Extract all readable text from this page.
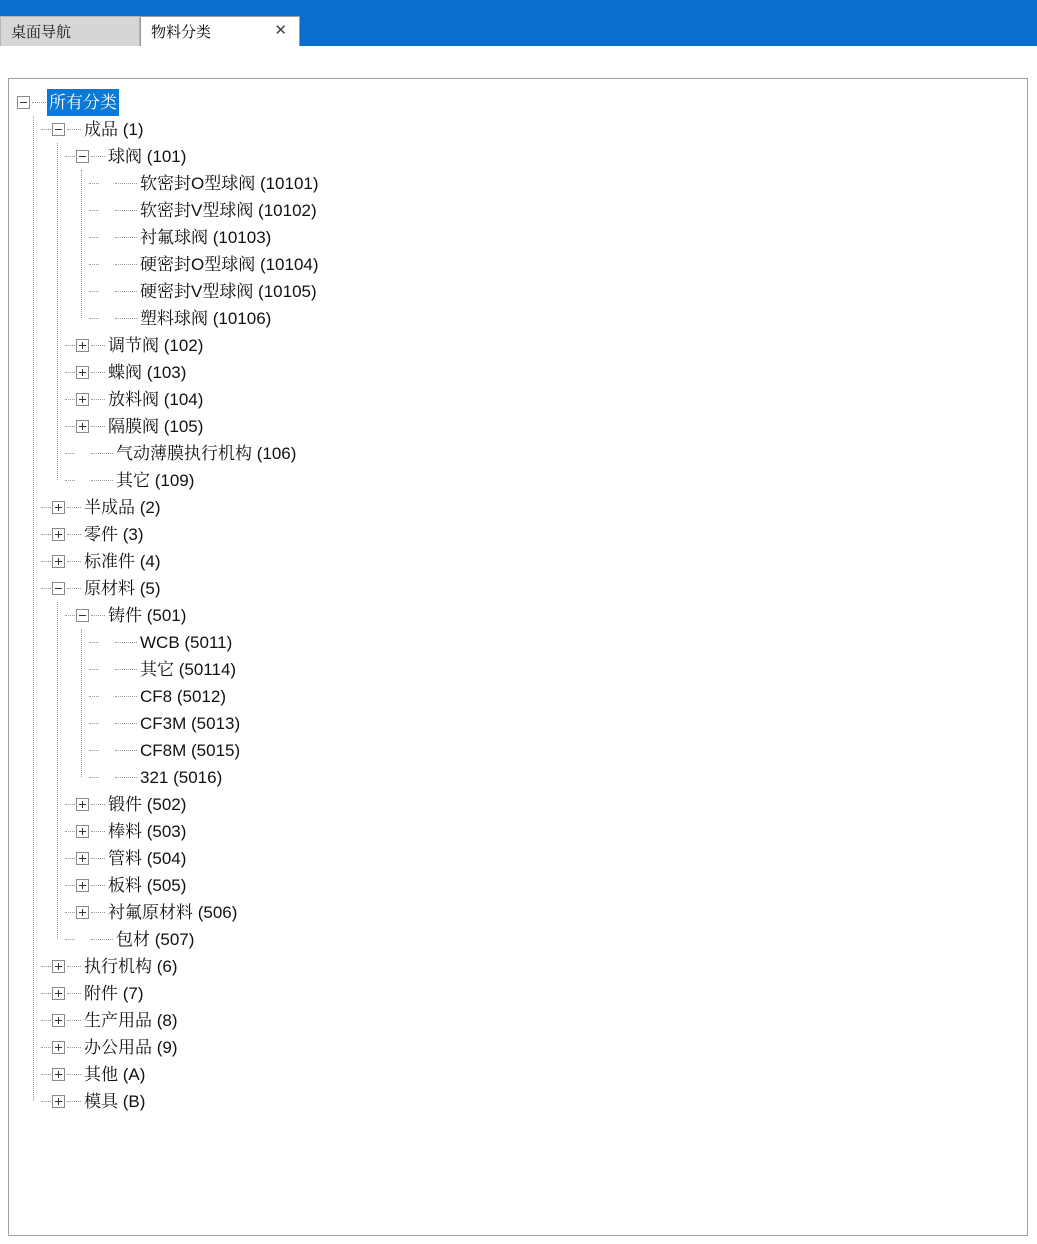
桌面导航	物料分类	✕
所有分类
成品 (1)
球阀 (101)
软密封O型球阀 (10101)
软密封V型球阀 (10102)
衬氟球阀 (10103)
硬密封O型球阀 (10104)
硬密封V型球阀 (10105)
塑料球阀 (10106)
调节阀 (102)
蝶阀 (103)
放料阀 (104)
隔膜阀 (105)
气动薄膜执行机构 (106)
其它 (109)
半成品 (2)
零件 (3)
标准件 (4)
原材料 (5)
铸件 (501)
WCB (5011)
其它 (50114)
CF8 (5012)
CF3M (5013)
CF8M (5015)
321 (5016)
锻件 (502)
棒料 (503)
管料 (504)
板料 (505)
衬氟原材料 (506)
包材 (507)
执行机构 (6)
附件 (7)
生产用品 (8)
办公用品 (9)
其他 (A)
模具 (B)
